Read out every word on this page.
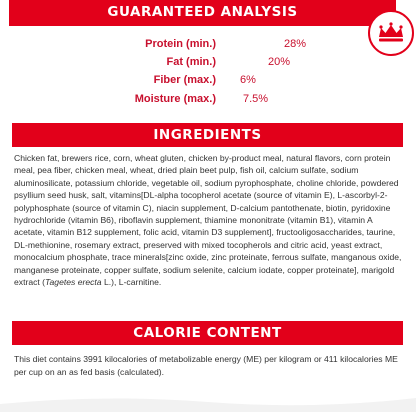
GUARANTEED ANALYSIS
Protein (min.)	28%
Fat (min.)	20%
Fiber (max.) 6%
Moisture (max.) 7.5%
INGREDIENTS

Chicken fat, brewers rice, corn, wheat gluten, chicken by-product meal, natural flavors, corn protein meal, pea fiber, chicken meal, wheat, dried plain beet pulp, fish oil, calcium sulfate, sodium aluminosilicate, potassium chloride, vegetable oil, sodium pyrophosphate, choline chloride, powdered psyllium seed husk, salt, vitamins[DL-alpha tocopherol acetate (source of vitamin E), L-ascorbyl-2-polyphosphate (source of vitamin C), niacin supplement, D-calcium pantothenate, biotin, pyridoxine hydrochloride (vitamin B6), riboflavin supplement, thiamine mononitrate (vitamin B1), vitamin A acetate, vitamin B12 supplement, folic acid, vitamin D3 supplement], fructooligosaccharides, taurine, DL-methionine, rosemary extract, preserved with mixed tocopherols and citric acid, yeast extract, monocalcium phosphate, trace minerals[zinc oxide, zinc proteinate, ferrous sulfate, manganous oxide, manganese proteinate, copper sulfate, sodium selenite, calcium iodate, copper proteinate], marigold extract (Tagetes erecta L.), L-carnitine.

CALORIE CONTENT
This diet contains 3991 kilocalories of metabolizable energy (ME) per kilogram or 411 kilocalories ME per cup on an as fed basis (calculated).
